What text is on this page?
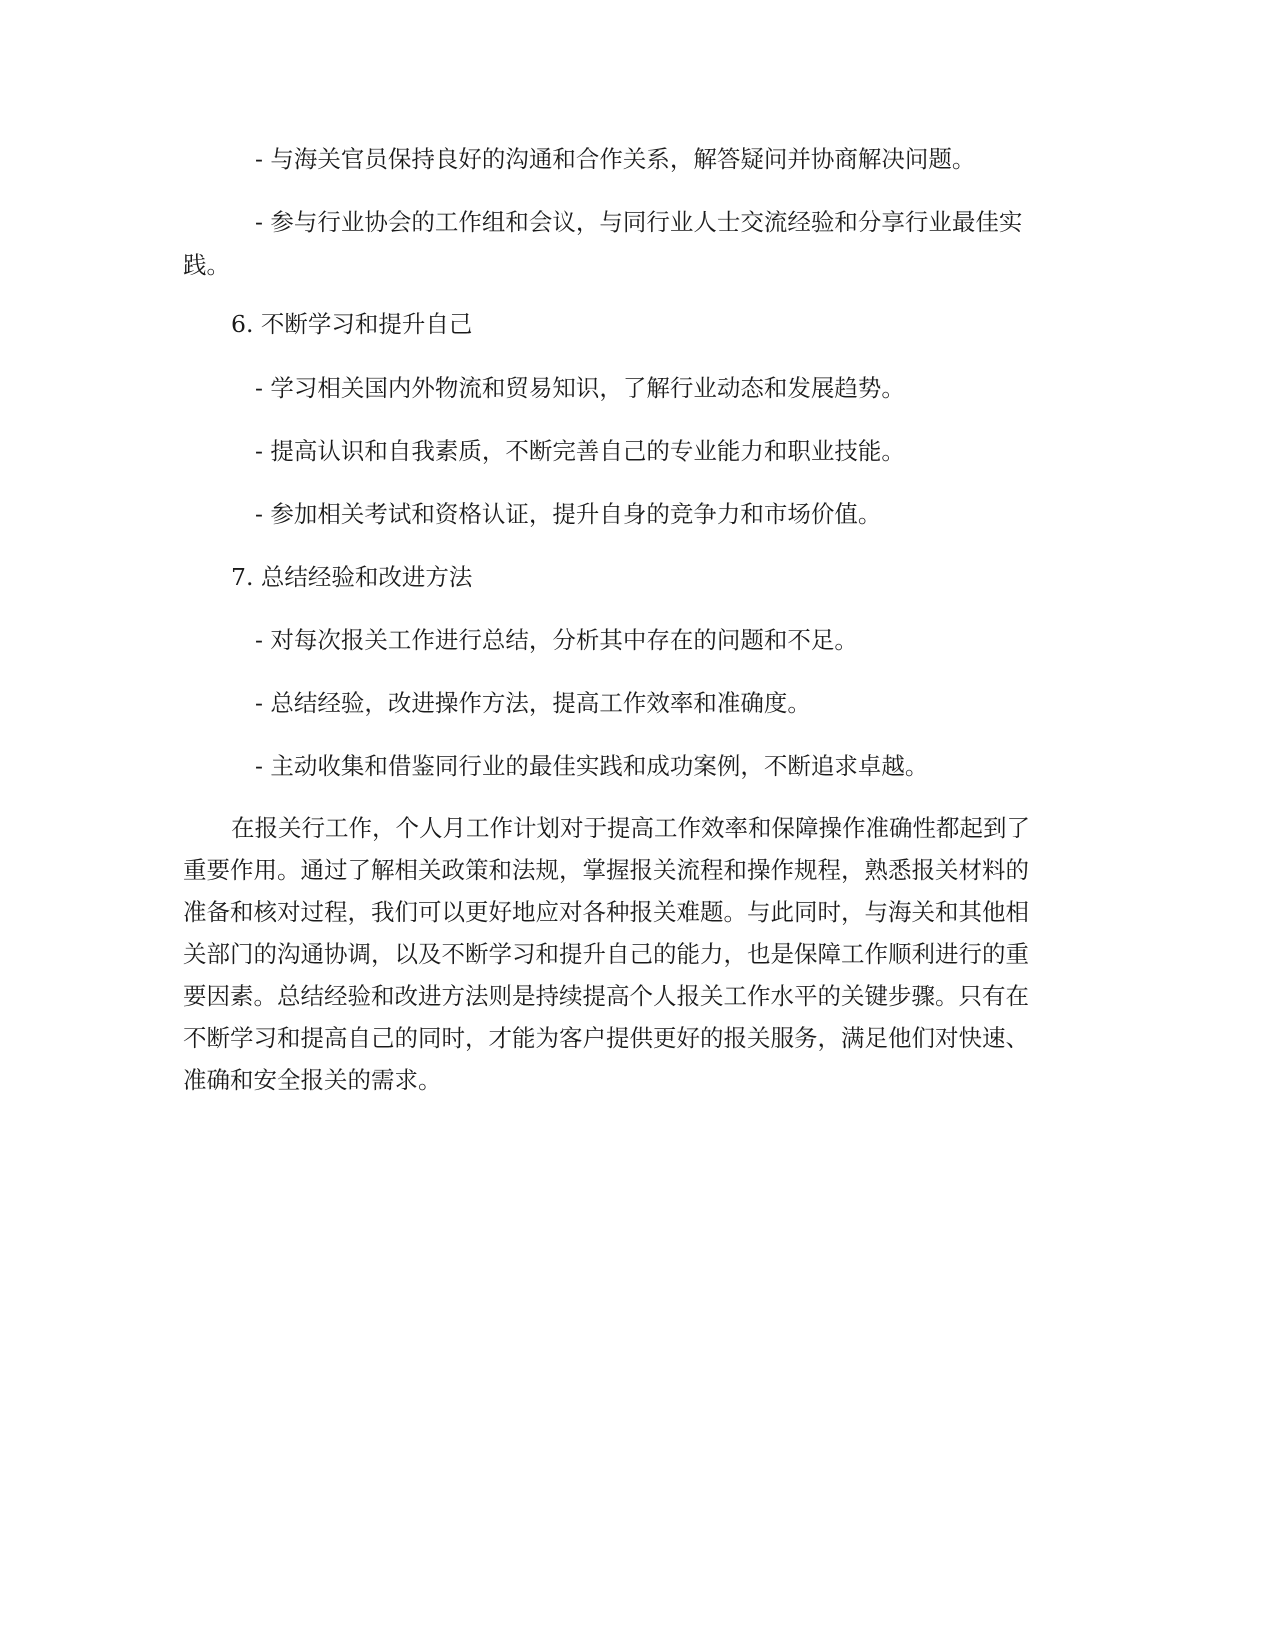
- 与海关官员保持良好的沟通和合作关系，解答疑问并协商解决问题。
- 参与行业协会的工作组和会议，与同行业人士交流经验和分享行业最佳实
践。
6. 不断学习和提升自己
- 学习相关国内外物流和贸易知识，了解行业动态和发展趋势。
- 提高认识和自我素质，不断完善自己的专业能力和职业技能。
- 参加相关考试和资格认证，提升自身的竞争力和市场价值。
7. 总结经验和改进方法
- 对每次报关工作进行总结，分析其中存在的问题和不足。
- 总结经验，改进操作方法，提高工作效率和准确度。
- 主动收集和借鉴同行业的最佳实践和成功案例，不断追求卓越。
在报关行工作，个人月工作计划对于提高工作效率和保障操作准确性都起到了
重要作用。通过了解相关政策和法规，掌握报关流程和操作规程，熟悉报关材料的
准备和核对过程，我们可以更好地应对各种报关难题。与此同时，与海关和其他相
关部门的沟通协调，以及不断学习和提升自己的能力，也是保障工作顺利进行的重
要因素。总结经验和改进方法则是持续提高个人报关工作水平的关键步骤。只有在
不断学习和提高自己的同时，才能为客户提供更好的报关服务，满足他们对快速、
准确和安全报关的需求。
